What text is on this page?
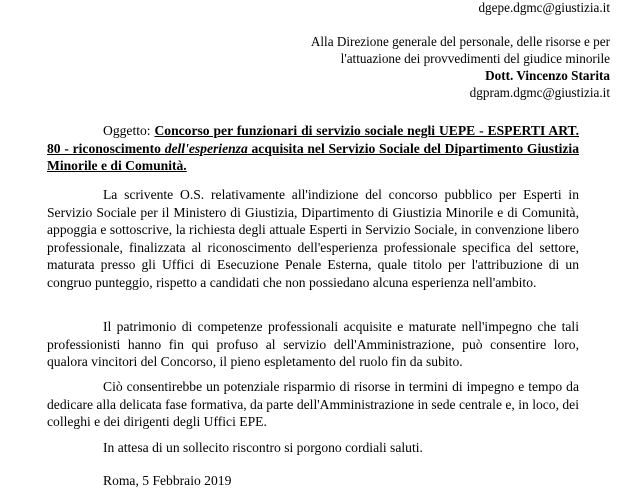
dgepe.dgmc@giustizia.it
Alla Direzione generale del personale, delle risorse e per
l'attuazione dei provvedimenti del giudice minorile
Dott. Vincenzo Starita
dgpram.dgmc@giustizia.it

Oggetto: Concorso per funzionari di servizio sociale negli UEPE - ESPERTI ART. 80 - riconoscimento dell'esperienza acquisita nel Servizio Sociale del Dipartimento Giustizia Minorile e di Comunità.

La scrivente O.S. relativamente all'indizione del concorso pubblico per Esperti in Servizio Sociale per il Ministero di Giustizia, Dipartimento di Giustizia Minorile e di Comunità, appoggia e sottoscrive, la richiesta degli attuale Esperti in Servizio Sociale, in convenzione libero professionale, finalizzata al riconoscimento dell'esperienza professionale specifica del settore, maturata presso gli Uffici di Esecuzione Penale Esterna, quale titolo per l'attribuzione di un congruo punteggio, rispetto a candidati che non possiedano alcuna esperienza nell'ambito.

Il patrimonio di competenze professionali acquisite e maturate nell'impegno che tali professionisti hanno fin qui profuso al servizio dell'Amministrazione, può consentire loro, qualora vincitori del Concorso, il pieno espletamento del ruolo fin da subito.

Ciò consentirebbe un potenziale risparmio di risorse in termini di impegno e tempo da dedicare alla delicata fase formativa, da parte dell'Amministrazione in sede centrale e, in loco, dei colleghi e dei dirigenti degli Uffici EPE.

In attesa di un sollecito riscontro si porgono cordiali saluti.

Roma, 5 Febbraio 2019
